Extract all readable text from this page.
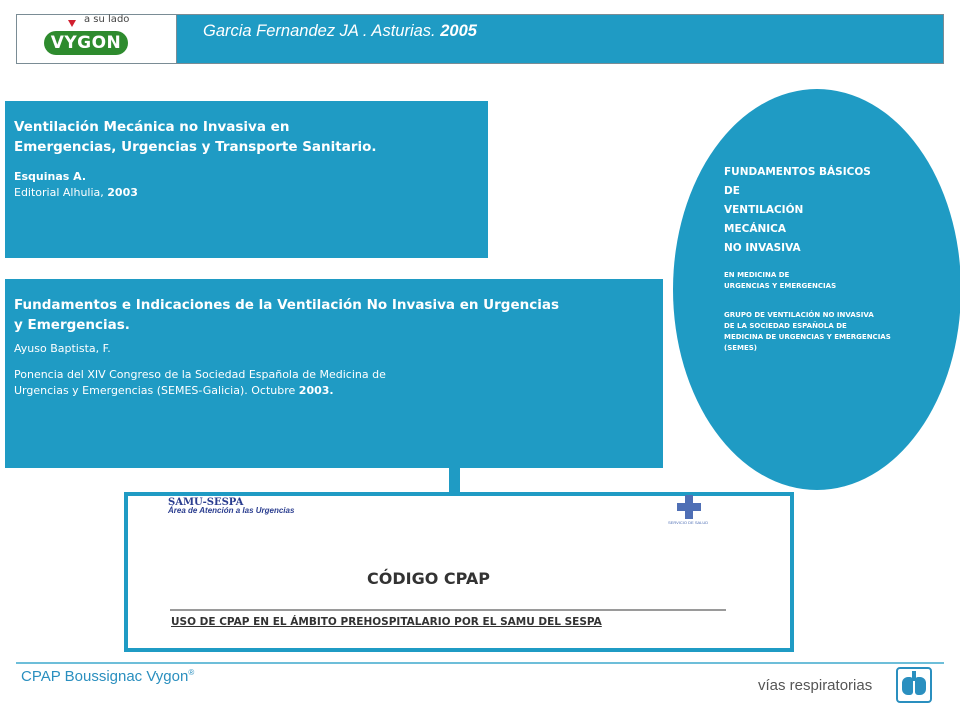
a su lado
VYGON
Garcia Fernandez JA . Asturias. 2005
Ventilación Mecánica no Invasiva en
Emergencias, Urgencias y Transporte Sanitario.
Esquinas A.
Editorial Alhulia, 2003
Fundamentos e Indicaciones de la Ventilación No Invasiva en Urgencias
y Emergencias.
Ayuso Baptista, F.
Ponencia del XIV Congreso de la Sociedad Española de Medicina de
Urgencias y Emergencias (SEMES-Galicia). Octubre 2003.
FUNDAMENTOS BÁSICOS
DE
VENTILACIÓN
MECÁNICA
NO INVASIVA
EN MEDICINA DE
URGENCIAS Y EMERGENCIAS
GRUPO DE VENTILACIÓN NO INVASIVA
DE LA SOCIEDAD ESPAÑOLA DE
MEDICINA DE URGENCIAS Y EMERGENCIAS
(SEMES)
SAMU-SESPA
Área de Atención a las Urgencias
SERVICIO DE SALUD
CÓDIGO CPAP
USO DE CPAP EN EL ÁMBITO PREHOSPITALARIO POR EL SAMU DEL SESPA
CPAP Boussignac Vygon®
vías respiratorias
